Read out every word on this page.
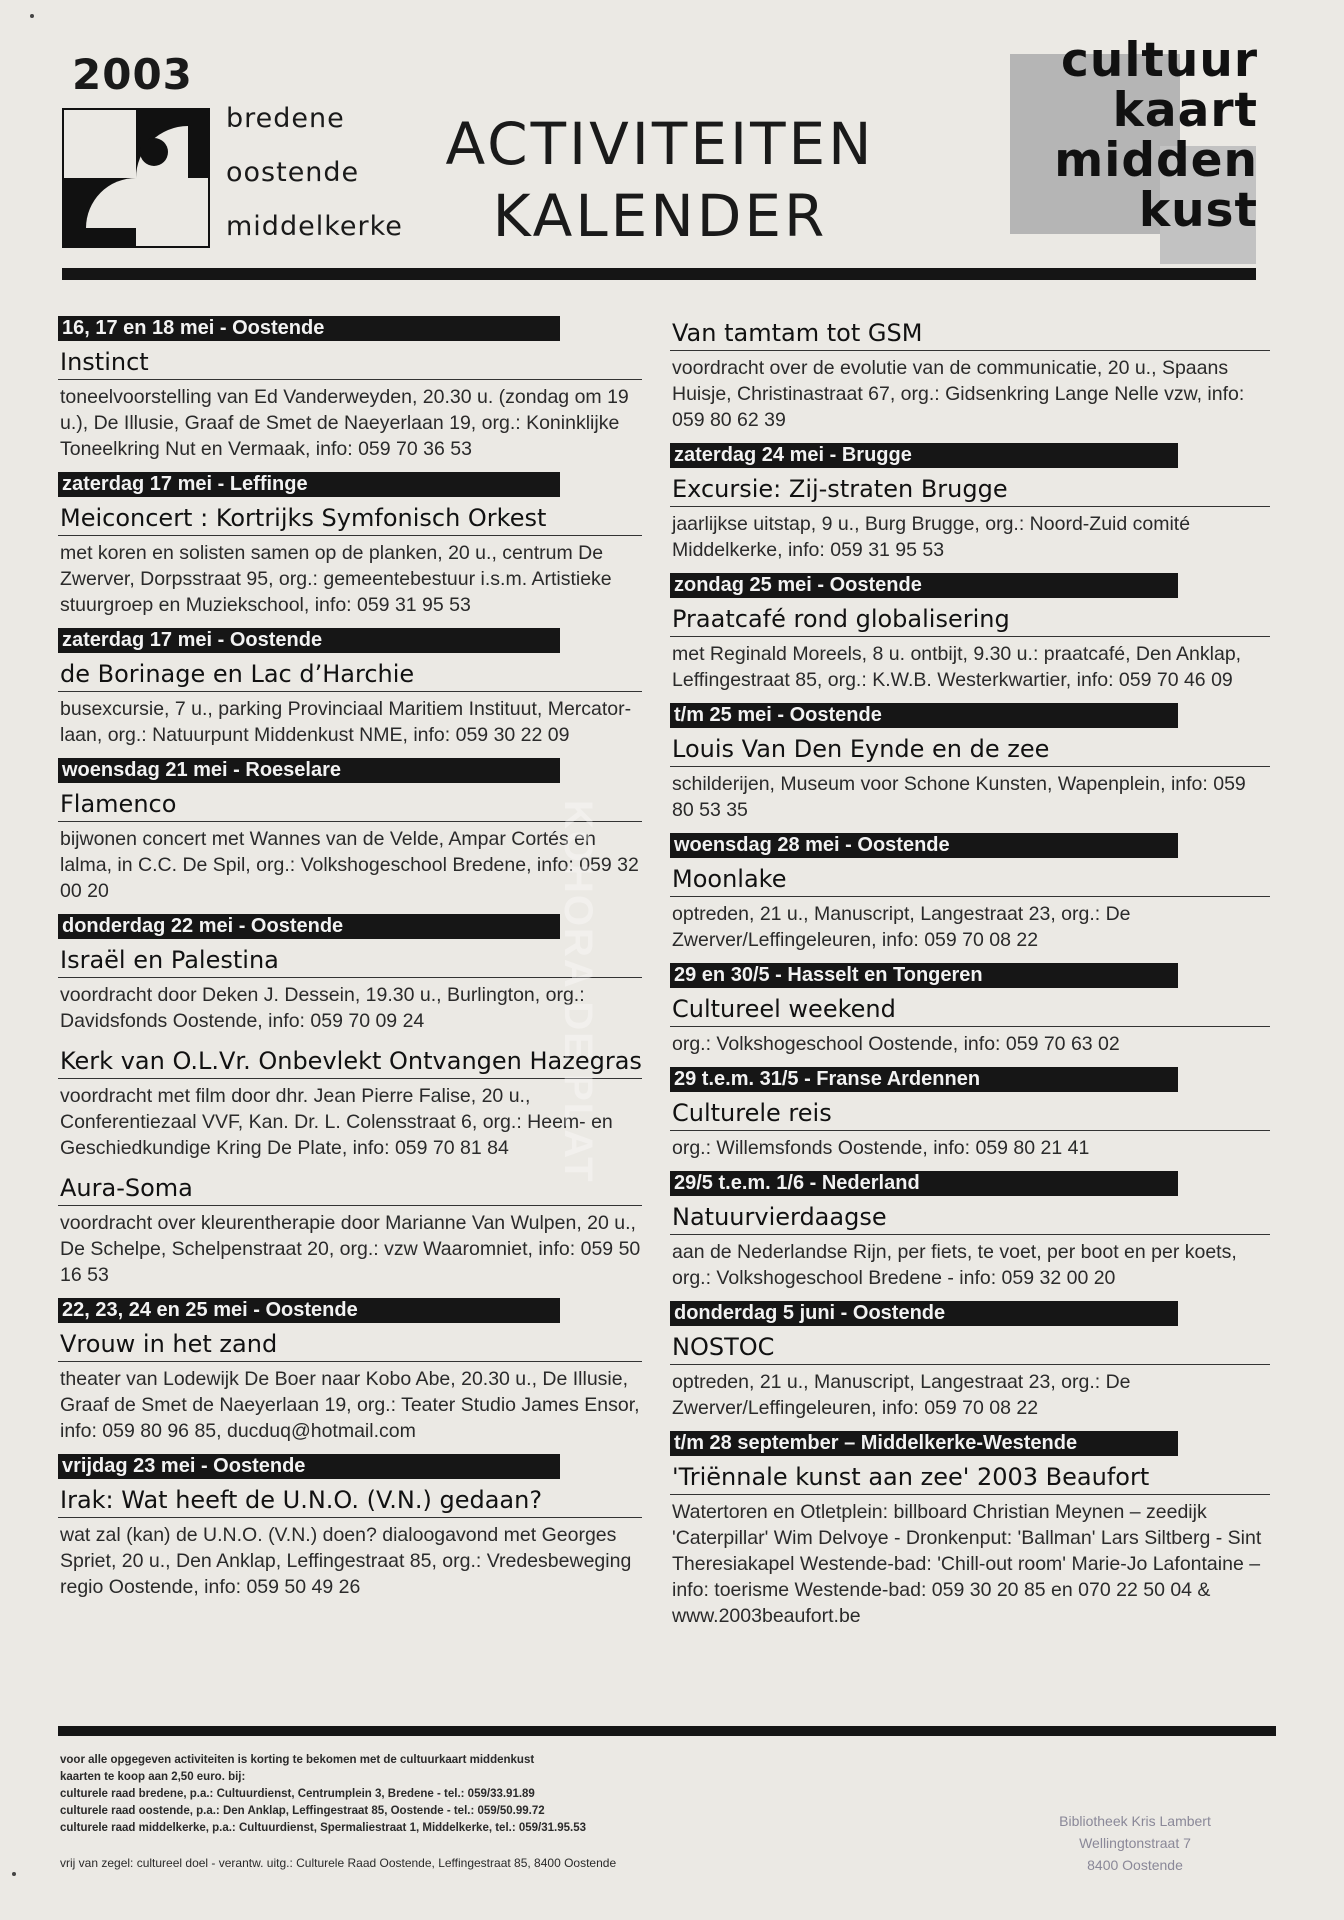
2003
bredene
oostende
middelkerke
ACTIVITEITEN
KALENDER
cultuur
kaart
midden
kust
16, 17 en 18 mei - Oostende
Instinct
toneelvoorstelling van Ed Vanderweyden, 20.30 u. (zondag om 19 u.), De Illusie, Graaf de Smet de Naeyerlaan 19, org.: Koninklijke Toneelkring Nut en Vermaak, info: 059 70 36 53
zaterdag 17 mei - Leffinge
Meiconcert : Kortrijks Symfonisch Orkest
met koren en solisten samen op de planken, 20 u., centrum De Zwerver, Dorpsstraat 95, org.: gemeentebestuur i.s.m. Artistieke stuurgroep en Muziekschool, info: 059 31 95 53
zaterdag 17 mei - Oostende
de Borinage en Lac d’Harchie
busexcursie, 7 u., parking Provinciaal Maritiem Instituut, Mercator-laan, org.: Natuurpunt Middenkust NME, info: 059 30 22 09
woensdag 21 mei - Roeselare
Flamenco
bijwonen concert met Wannes van de Velde, Ampar Cortés en lalma, in C.C. De Spil, org.: Volkshogeschool Bredene, info: 059 32 00 20
donderdag 22 mei - Oostende
Israël en Palestina
voordracht door Deken J. Dessein, 19.30 u., Burlington, org.: Davidsfonds Oostende, info: 059 70 09 24
Kerk van O.L.Vr. Onbevlekt Ontvangen Hazegras
voordracht met film door dhr. Jean Pierre Falise, 20 u., Conferentiezaal VVF, Kan. Dr. L. Colensstraat 6, org.: Heem- en Geschiedkundige Kring De Plate, info: 059 70 81 84
Aura-Soma
voordracht over kleurentherapie door Marianne Van Wulpen, 20 u., De Schelpe, Schelpenstraat 20, org.: vzw Waaromniet, info: 059 50 16 53
22, 23, 24 en 25 mei - Oostende
Vrouw in het zand
theater van Lodewijk De Boer naar Kobo Abe, 20.30 u., De Illusie, Graaf de Smet de Naeyerlaan 19, org.: Teater Studio James Ensor, info: 059 80 96 85, ducduq@hotmail.com
vrijdag 23 mei - Oostende
Irak: Wat heeft de U.N.O. (V.N.) gedaan?
wat zal (kan) de U.N.O. (V.N.) doen? dialoogavond met Georges Spriet, 20 u., Den Anklap, Leffingestraat 85, org.: Vredesbeweging regio Oostende, info: 059 50 49 26
Van tamtam tot GSM
voordracht over de evolutie van de communicatie, 20 u., Spaans Huisje, Christinastraat 67, org.: Gidsenkring Lange Nelle vzw, info: 059 80 62 39
zaterdag 24 mei - Brugge
Excursie: Zij-straten Brugge
jaarlijkse uitstap, 9 u., Burg Brugge, org.: Noord-Zuid comité Middelkerke, info: 059 31 95 53
zondag 25 mei - Oostende
Praatcafé rond globalisering
met Reginald Moreels, 8 u. ontbijt, 9.30 u.: praatcafé, Den Anklap, Leffingestraat 85, org.: K.W.B. Westerkwartier, info: 059 70 46 09
t/m 25 mei - Oostende
Louis Van Den Eynde en de zee
schilderijen, Museum voor Schone Kunsten, Wapenplein, info: 059 80 53 35
woensdag 28 mei - Oostende
Moonlake
optreden, 21 u., Manuscript, Langestraat 23, org.: De Zwerver/Leffingeleuren, info: 059 70 08 22
29 en 30/5 - Hasselt en Tongeren
Cultureel weekend
org.: Volkshogeschool Oostende, info: 059 70 63 02
29 t.e.m. 31/5 - Franse Ardennen
Culturele reis
org.: Willemsfonds Oostende, info: 059 80 21 41
29/5 t.e.m. 1/6 - Nederland
Natuurvierdaagse
aan de Nederlandse Rijn, per fiets, te voet, per boot en per koets, org.: Volkshogeschool Bredene - info: 059 32 00 20
donderdag 5 juni - Oostende
NOSTOC
optreden, 21 u., Manuscript, Langestraat 23, org.: De Zwerver/Leffingeleuren, info: 059 70 08 22
t/m 28 september – Middelkerke-Westende
'Triënnale kunst aan zee' 2003 Beaufort
Watertoren en Otletplein: billboard Christian Meynen – zeedijk 'Caterpillar' Wim Delvoye - Dronkenput: 'Ballman' Lars Siltberg - Sint Theresiakapel Westende-bad: 'Chill-out room' Marie-Jo Lafontaine – info: toerisme Westende-bad: 059 30 20 85 en 070 22 50 04 & www.2003beaufort.be
KOHORA DE PLAT
voor alle opgegeven activiteiten is korting te bekomen met de cultuurkaart middenkust
kaarten te koop aan 2,50 euro. bij:
culturele raad bredene, p.a.: Cultuurdienst, Centrumplein 3, Bredene - tel.: 059/33.91.89
culturele raad oostende, p.a.: Den Anklap, Leffingestraat 85, Oostende - tel.: 059/50.99.72
culturele raad middelkerke, p.a.: Cultuurdienst, Spermaliestraat 1, Middelkerke, tel.: 059/31.95.53
vrij van zegel: cultureel doel - verantw. uitg.: Culturele Raad Oostende, Leffingestraat 85, 8400 Oostende
Bibliotheek Kris Lambert
Wellingtonstraat 7
8400 Oostende
